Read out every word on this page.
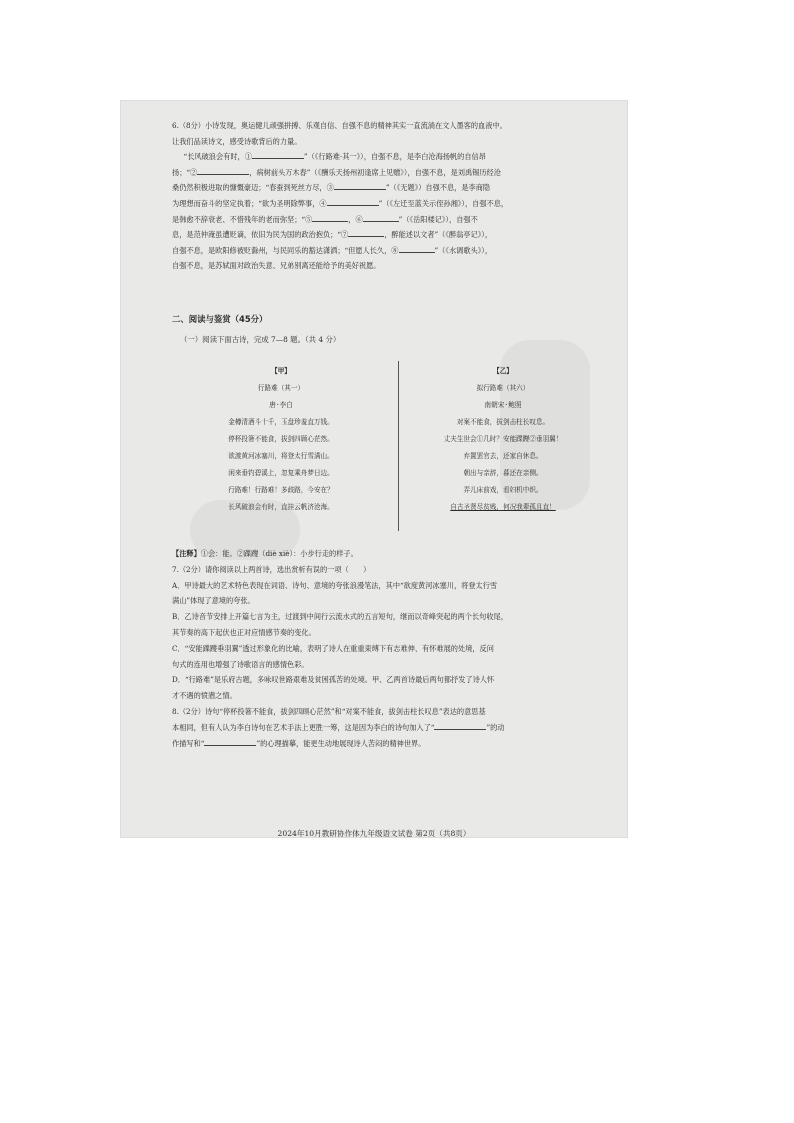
6.（8分）小诗发现，奥运健儿顽强拼搏、乐观自信、自强不息的精神其实一直流淌在文人墨客的血液中。

让我们品读诗文，感受诗歌背后的力量。

“长风破浪会有时，①	”（《行路难·其一》），自强不息，是李白沧海扬帆的自信昂

扬；“②	，病树前头万木春”（《酬乐天扬州初逢席上见赠》），自强不息，是刘禹锡历经沧

桑仍然积极进取的慷慨豪迈；“春蚕到死丝方尽，③	”（《无题》）自强不息，是李商隐

为理想而奋斗的坚定执着；“欲为圣明除弊事，④	”（《左迁至蓝关示侄孙湘》），自强不息，

是韩愈不辞衰老、不惜残年的老而弥坚；“⑤	，⑥	”（《岳阳楼记》），自强不

息，是范仲淹虽遭贬谪，依旧为民为国的政治抱负；“⑦	，醉能述以文者”（《醉翁亭记》），

自强不息，是欧阳修被贬滁州，与民同乐的豁达潇洒；“但愿人长久，⑧	”（《水调歌头》），

自强不息，是苏轼面对政治失意、兄弟别离还能给予的美好祝愿。

二、阅读与鉴赏（45分）
（一）阅读下面古诗，完成 7—8 题。（共 4 分）
【甲】
行路难（其一）
唐·李白
金樽清酒斗十千，玉盘珍羞直万钱。
停杯投箸不能食，拔剑四顾心茫然。
欲渡黄河冰塞川，将登太行雪满山。
闲来垂钓碧溪上，忽复乘舟梦日边。
行路难！行路难！多歧路，今安在？
长风破浪会有时，直挂云帆济沧海。
【乙】
拟行路难（其六）
南朝宋·鲍照
对案不能食，拔剑击柱长叹息。
丈夫生世会①几时？安能蹀躞②垂羽翼！
弃置罢官去，还家自休息。
朝出与亲辞，暮还在亲侧。
弄儿床前戏，看妇机中织。
自古圣贤尽贫贱，何况我辈孤且直！

【注释】①会：能。②蹀躞（diè xiè）：小步行走的样子。

7.（2分）请你阅读以上两首诗，选出赏析有误的一项（　　）

A．甲诗最大的艺术特色表现在词语、诗句、意境的夸张浪漫笔法，其中“欲度黄河冰塞川，将登太行雪

满山”体现了意境的夸张。

B．乙诗音节安排上开篇七言为主，过渡到中间行云流水式的五言短句，继而以奇峰突起的两个长句收尾，

其节奏的高下起伏也正对应情感节奏的变化。

C．“安能蹀躞垂羽翼”透过形象化的比喻，表明了诗人在重重束缚下有志难伸、有怀难展的处境，反问

句式的连用也增强了诗歌语言的感情色彩。

D．“行路难”是乐府古题，多咏叹世路艰难及贫困孤苦的处境。甲、乙两首诗最后两句都抒发了诗人怀

才不遇的愤懑之情。

8.（2分）诗句“停杯投箸不能食，拔剑四顾心茫然”和“对案不能食，拔剑击柱长叹息”表达的意思基

本相同，但有人认为李白诗句在艺术手法上更胜一筹，这是因为李白的诗句加入了“	”的动

作描写和“	”的心理描摹，能更生动地展现诗人苦闷的精神世界。

2024年10月教研协作体九年级语文试卷 第2页（共8页）
